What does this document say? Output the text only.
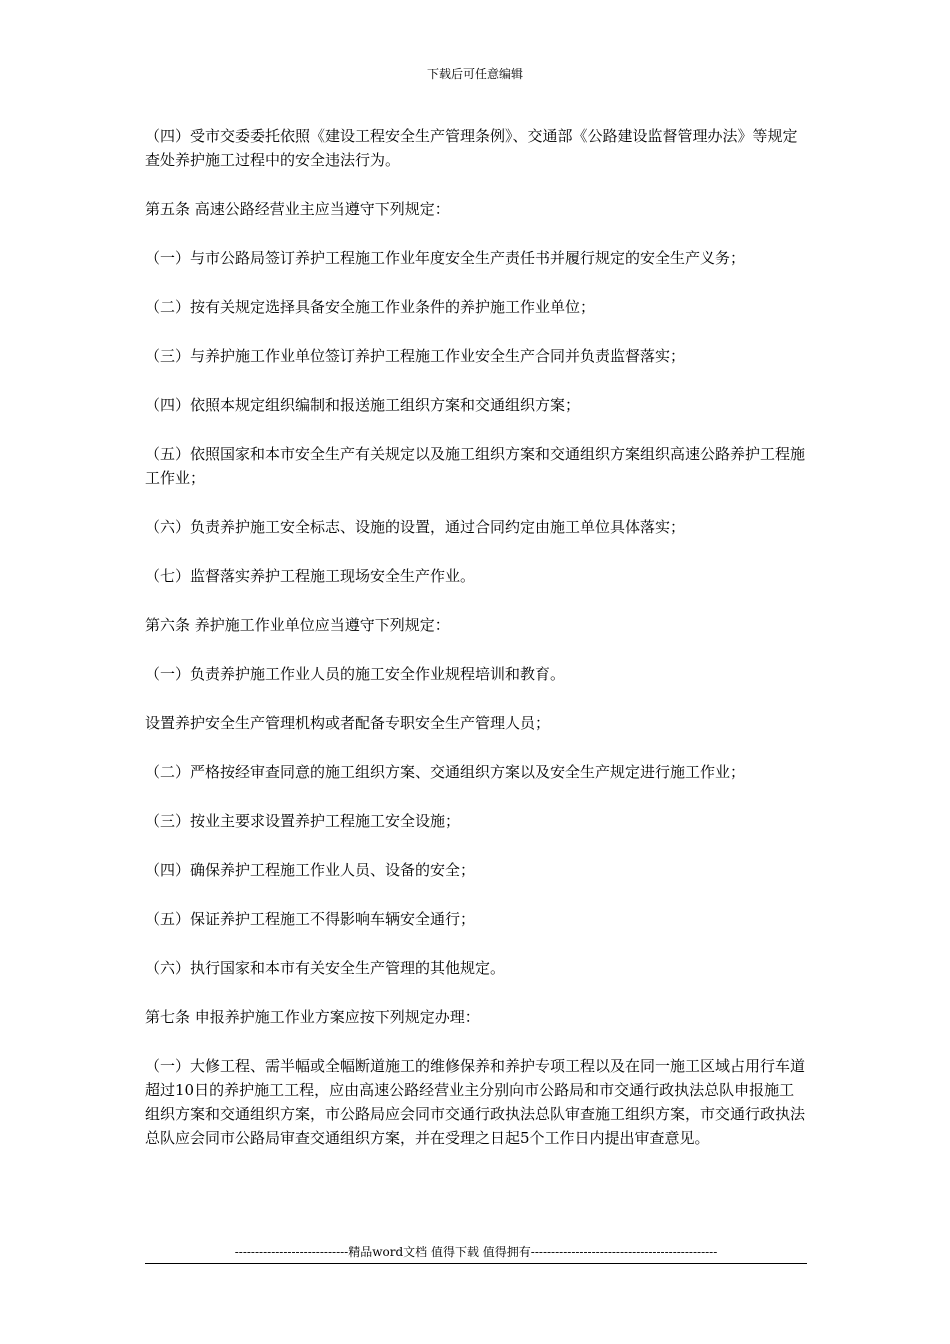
下载后可任意编辑

（四）受市交委委托依照《建设工程安全生产管理条例》、交通部《公路建设监督管理办法》等规定查处养护施工过程中的安全违法行为。

第五条 高速公路经营业主应当遵守下列规定：

（一）与市公路局签订养护工程施工作业年度安全生产责任书并履行规定的安全生产义务；

（二）按有关规定选择具备安全施工作业条件的养护施工作业单位；

（三）与养护施工作业单位签订养护工程施工作业安全生产合同并负责监督落实；

（四）依照本规定组织编制和报送施工组织方案和交通组织方案；

（五）依照国家和本市安全生产有关规定以及施工组织方案和交通组织方案组织高速公路养护工程施工作业；

（六）负责养护施工安全标志、设施的设置，通过合同约定由施工单位具体落实；

（七）监督落实养护工程施工现场安全生产作业。

第六条 养护施工作业单位应当遵守下列规定：

（一）负责养护施工作业人员的施工安全作业规程培训和教育。

设置养护安全生产管理机构或者配备专职安全生产管理人员；

（二）严格按经审查同意的施工组织方案、交通组织方案以及安全生产规定进行施工作业；

（三）按业主要求设置养护工程施工安全设施；

（四）确保养护工程施工作业人员、设备的安全；

（五）保证养护工程施工不得影响车辆安全通行；

（六）执行国家和本市有关安全生产管理的其他规定。

第七条 申报养护施工作业方案应按下列规定办理：

（一）大修工程、需半幅或全幅断道施工的维修保养和养护专项工程以及在同一施工区域占用行车道超过10日的养护施工工程，应由高速公路经营业主分别向市公路局和市交通行政执法总队申报施工组织方案和交通组织方案，市公路局应会同市交通行政执法总队审查施工组织方案，市交通行政执法总队应会同市公路局审查交通组织方案，并在受理之日起5个工作日内提出审查意见。

----------------------------精品word文档 值得下载 值得拥有----------------------------------------------
